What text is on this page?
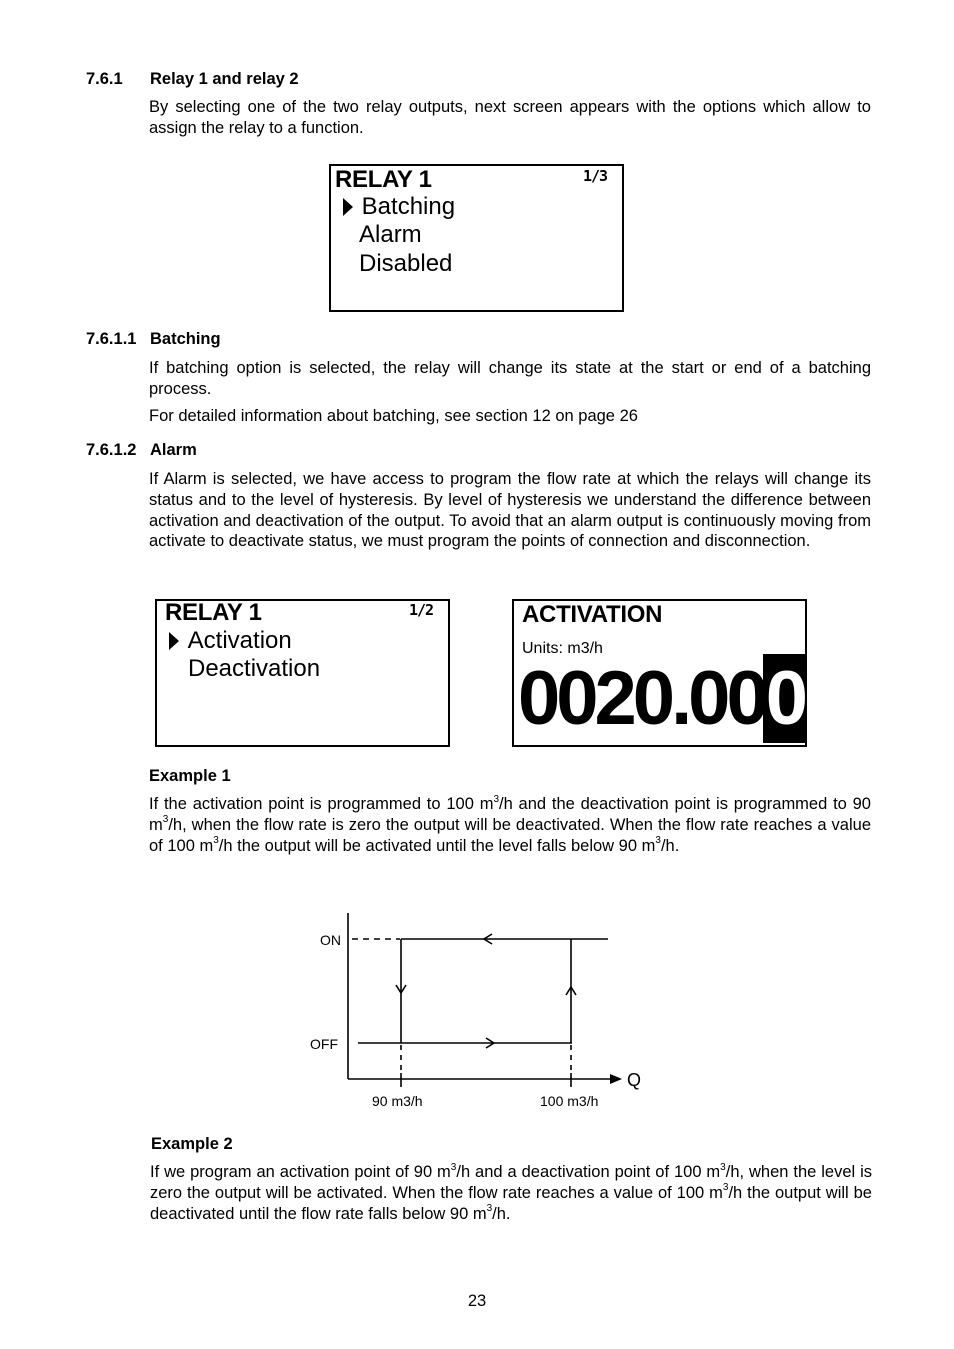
7.6.1 Relay 1 and relay 2
By selecting one of the two relay outputs, next screen appears with the options which allow to assign the relay to a function.
RELAY 1	1/3
Batching
Alarm
Disabled
7.6.1.1 Batching
If batching option is selected, the relay will change its state at the start or end of a batching process.
For detailed information about batching, see section 12 on page 26
7.6.1.2 Alarm
If Alarm is selected, we have access to program the flow rate at which the relays will change its status and to the level of hysteresis. By level of hysteresis we understand the difference between activation and deactivation of the output. To avoid that an alarm output is continuously moving from activate to deactivate status, we must program the points of connection and disconnection.
RELAY 1	1/2
Activation
Deactivation
ACTIVATION
Units: m3/h
0020.000
Example 1
If the activation point is programmed to 100 $m^3/h$ and the deactivation point is programmed to 90 $m^3/h$, when the flow rate is zero the output will be deactivated. When the flow rate reaches a value of 100 $m^3/h$ the output will be activated until the level falls below 90 $m^3/h$.
ON
OFF
Q
90 m3/h	100 m3/h
Example 2
If we program an activation point of 90 $m^3/h$ and a deactivation point of 100 $m^3/h$, when the level is zero the output will be activated. When the flow rate reaches a value of 100 $m^3/h$ the output will be deactivated until the flow rate falls below 90 $m^3/h$.
23
